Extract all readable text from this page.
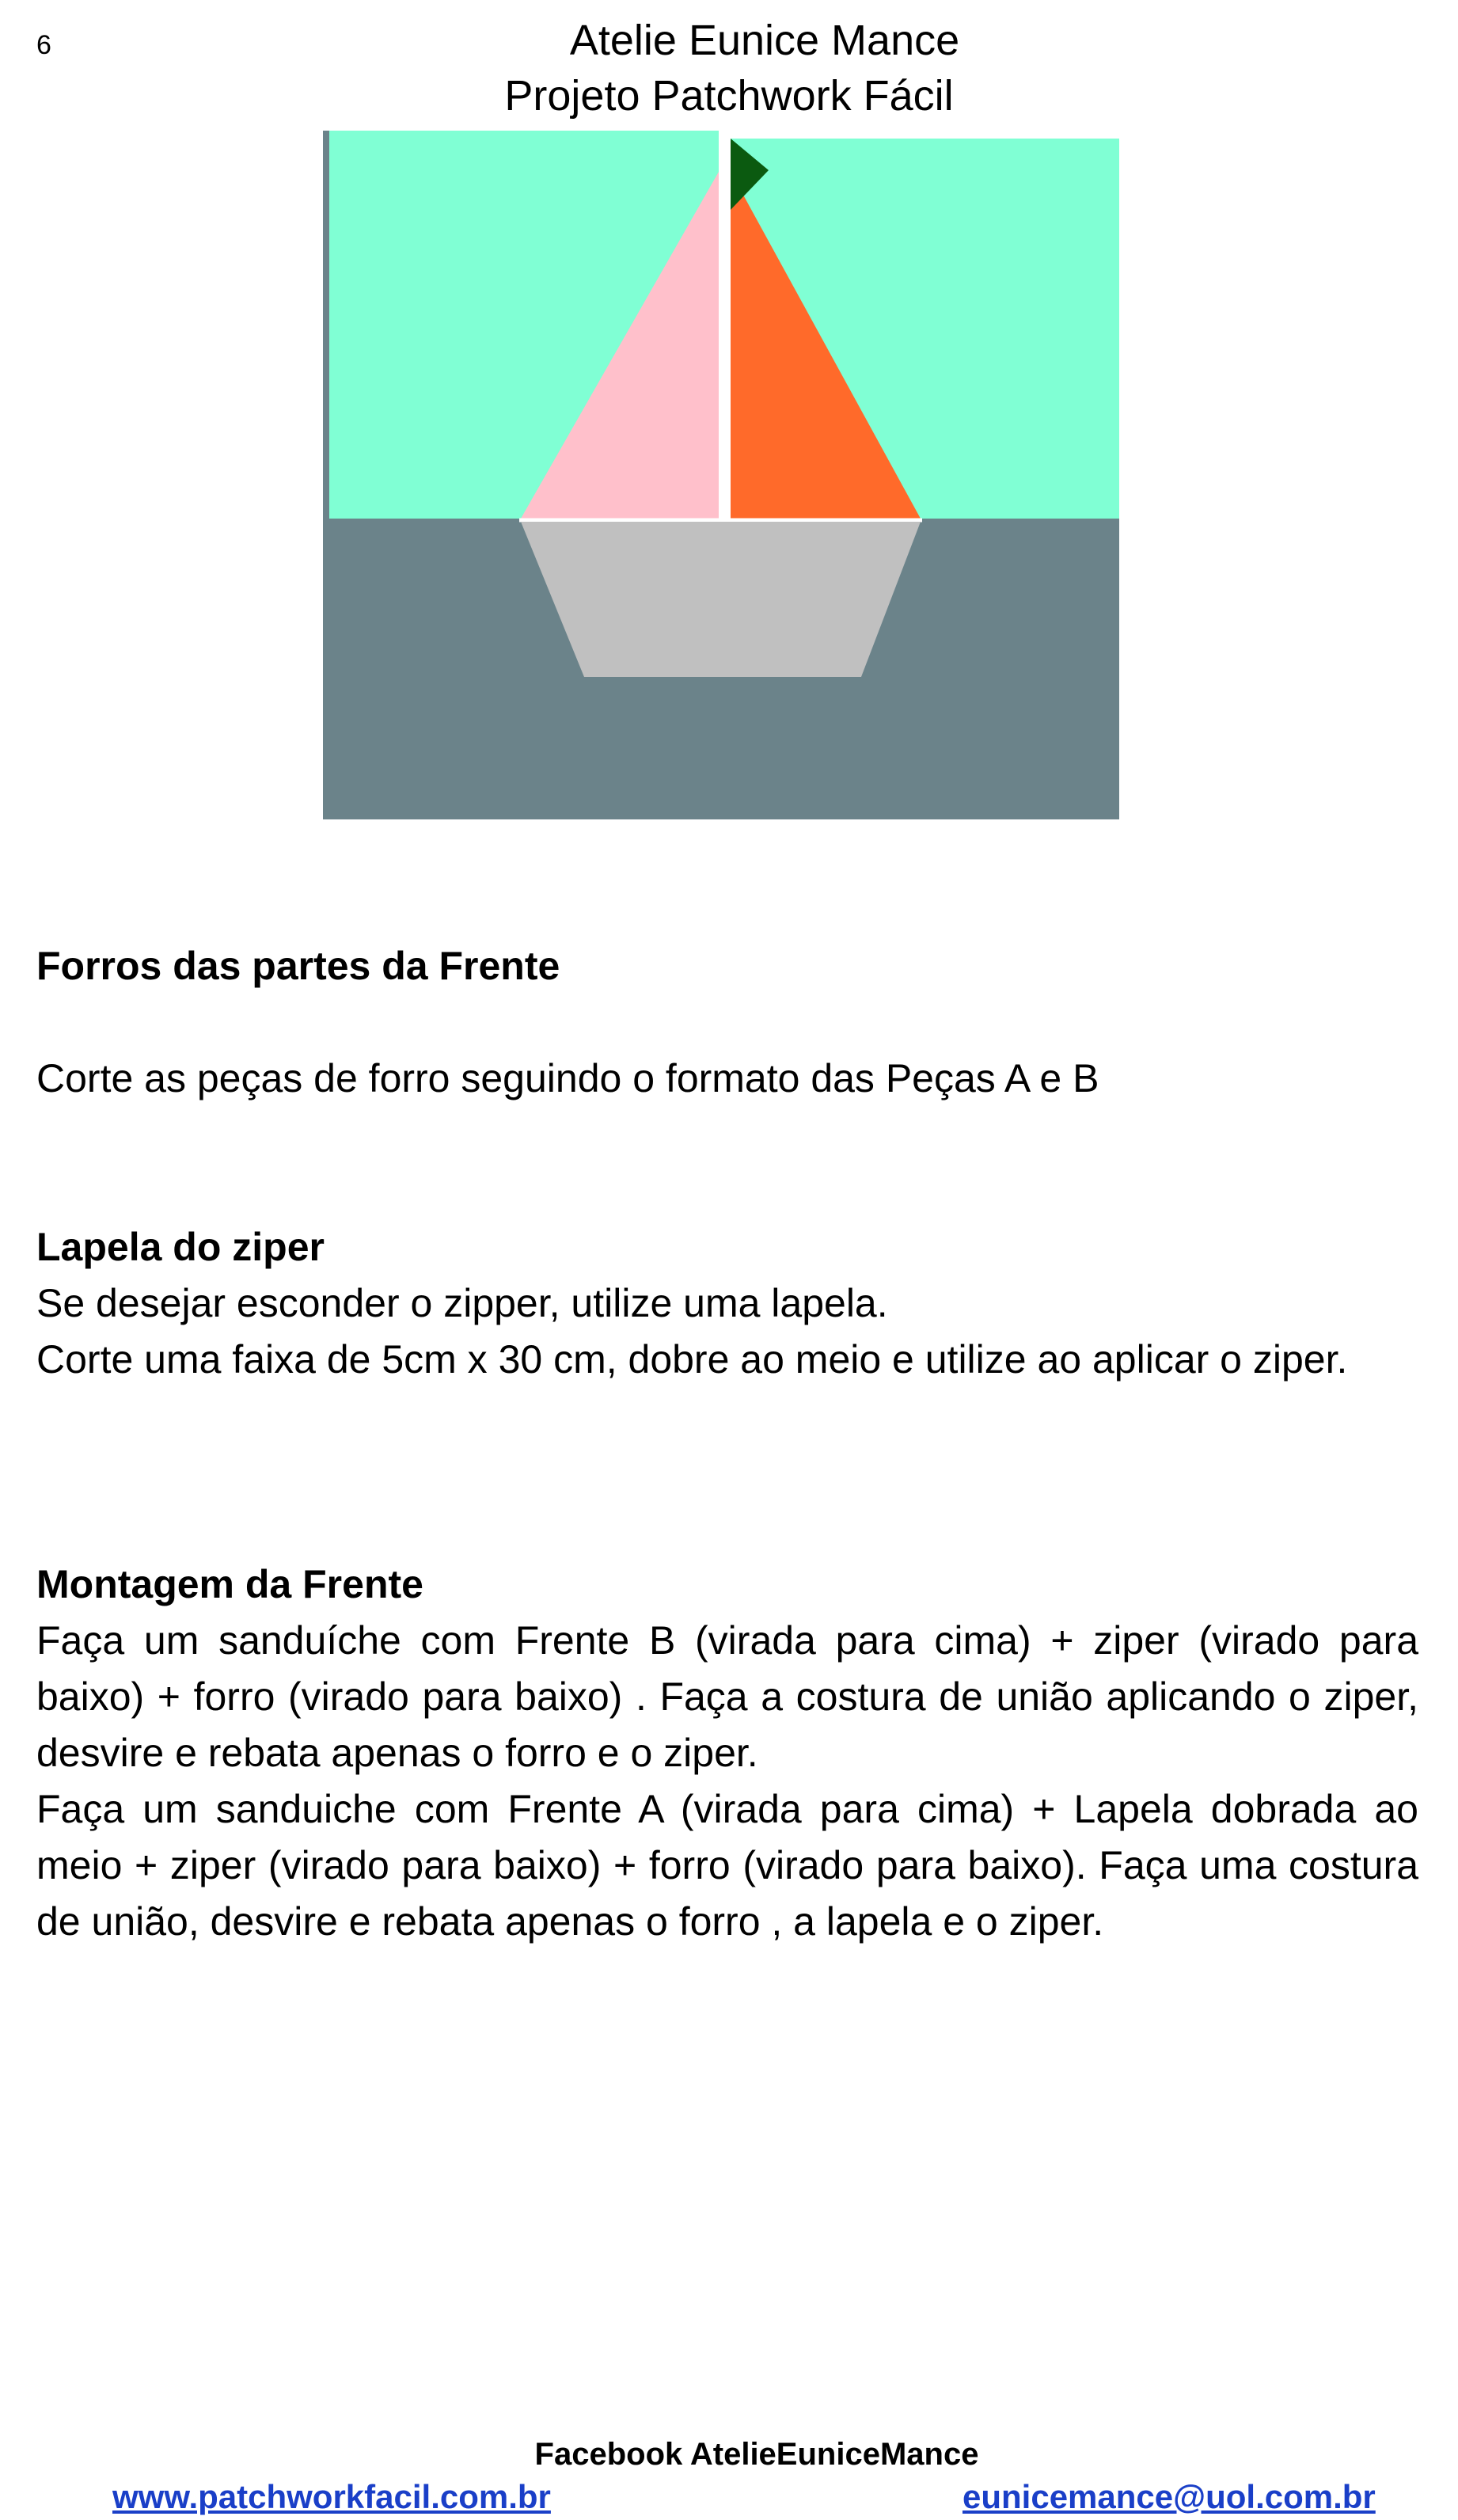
6	Atelie Eunice Mance
Projeto Patchwork Fácil
Forros das partes da Frente
Corte as peças de forro seguindo o formato das Peças A e B
Lapela do ziper
Se desejar esconder o zipper, utilize uma lapela.
Corte uma faixa de 5cm x 30 cm, dobre ao meio e utilize ao aplicar o ziper.
Montagem da Frente
Faça um sanduíche com Frente B (virada para cima) + ziper (virado para baixo) + forro (virado para baixo) . Faça a costura de união aplicando o ziper, desvire e rebata apenas o forro e o ziper.
Faça um sanduiche com Frente A (virada para cima) + Lapela dobrada ao meio + ziper (virado para baixo) + forro (virado para baixo). Faça uma costura de união, desvire e rebata apenas o forro , a lapela e o ziper.
Facebook AtelieEuniceMance
www.patchworkfacil.com.br	eunicemance@uol.com.br
